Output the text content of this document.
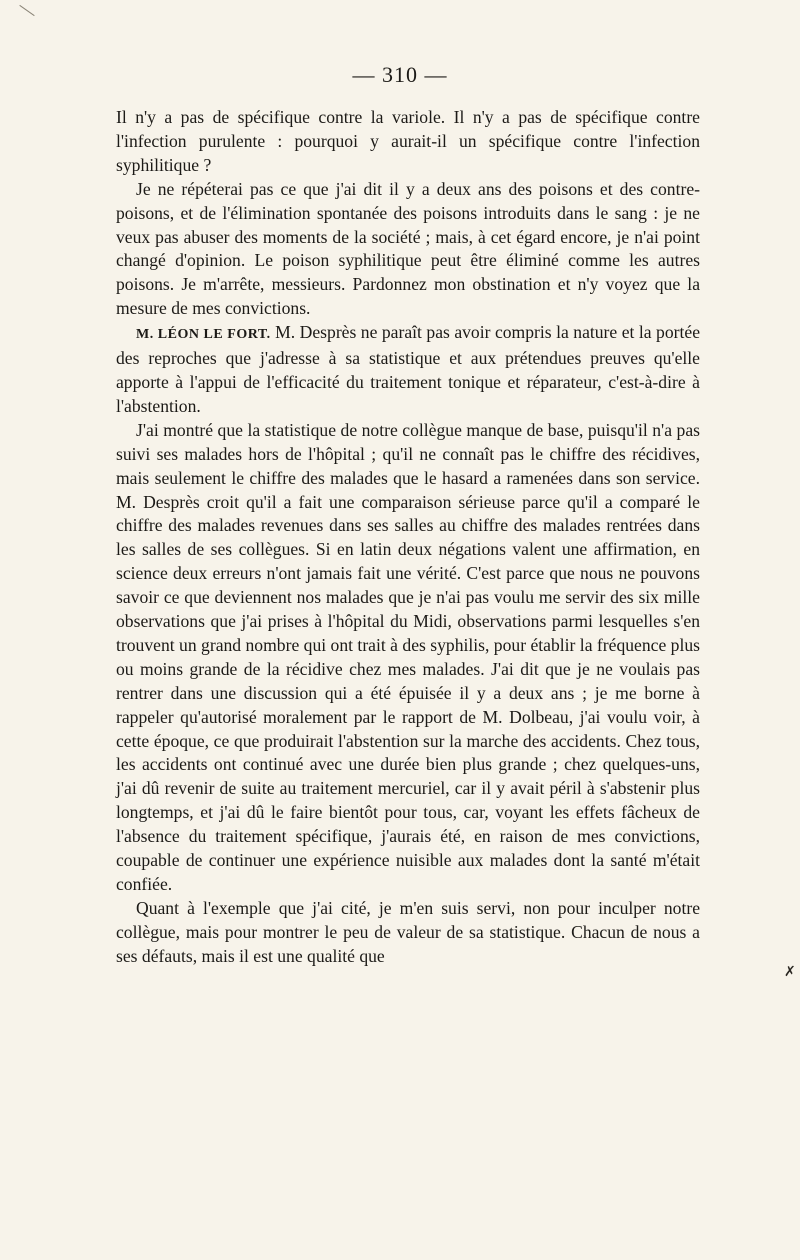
— 310 —

Il n'y a pas de spécifique contre la variole. Il n'y a pas de spécifique contre l'infection purulente : pourquoi y aurait-il un spécifique contre l'infection syphilitique ?

Je ne répéterai pas ce que j'ai dit il y a deux ans des poisons et des contre-poisons, et de l'élimination spontanée des poisons introduits dans le sang : je ne veux pas abuser des moments de la société ; mais, à cet égard encore, je n'ai point changé d'opinion. Le poison syphilitique peut être éliminé comme les autres poisons. Je m'arrête, messieurs. Pardonnez mon obstination et n'y voyez que la mesure de mes convictions.

M. LÉON LE FORT. M. Desprès ne paraît pas avoir compris la nature et la portée des reproches que j'adresse à sa statistique et aux prétendues preuves qu'elle apporte à l'appui de l'efficacité du traitement tonique et réparateur, c'est-à-dire à l'abstention.

J'ai montré que la statistique de notre collègue manque de base, puisqu'il n'a pas suivi ses malades hors de l'hôpital ; qu'il ne connaît pas le chiffre des récidives, mais seulement le chiffre des malades que le hasard a ramenées dans son service. M. Desprès croit qu'il a fait une comparaison sérieuse parce qu'il a comparé le chiffre des malades revenues dans ses salles au chiffre des malades rentrées dans les salles de ses collègues. Si en latin deux négations valent une affirmation, en science deux erreurs n'ont jamais fait une vérité. C'est parce que nous ne pouvons savoir ce que deviennent nos malades que je n'ai pas voulu me servir des six mille observations que j'ai prises à l'hôpital du Midi, observations parmi lesquelles s'en trouvent un grand nombre qui ont trait à des syphilis, pour établir la fréquence plus ou moins grande de la récidive chez mes malades. J'ai dit que je ne voulais pas rentrer dans une discussion qui a été épuisée il y a deux ans ; je me borne à rappeler qu'autorisé moralement par le rapport de M. Dolbeau, j'ai voulu voir, à cette époque, ce que produirait l'abstention sur la marche des accidents. Chez tous, les accidents ont continué avec une durée bien plus grande ; chez quelques-uns, j'ai dû revenir de suite au traitement mercuriel, car il y avait péril à s'abstenir plus longtemps, et j'ai dû le faire bientôt pour tous, car, voyant les effets fâcheux de l'absence du traitement spécifique, j'aurais été, en raison de mes convictions, coupable de continuer une expérience nuisible aux malades dont la santé m'était confiée.

Quant à l'exemple que j'ai cité, je m'en suis servi, non pour inculper notre collègue, mais pour montrer le peu de valeur de sa statistique. Chacun de nous a ses défauts, mais il est une qualité que

✗
